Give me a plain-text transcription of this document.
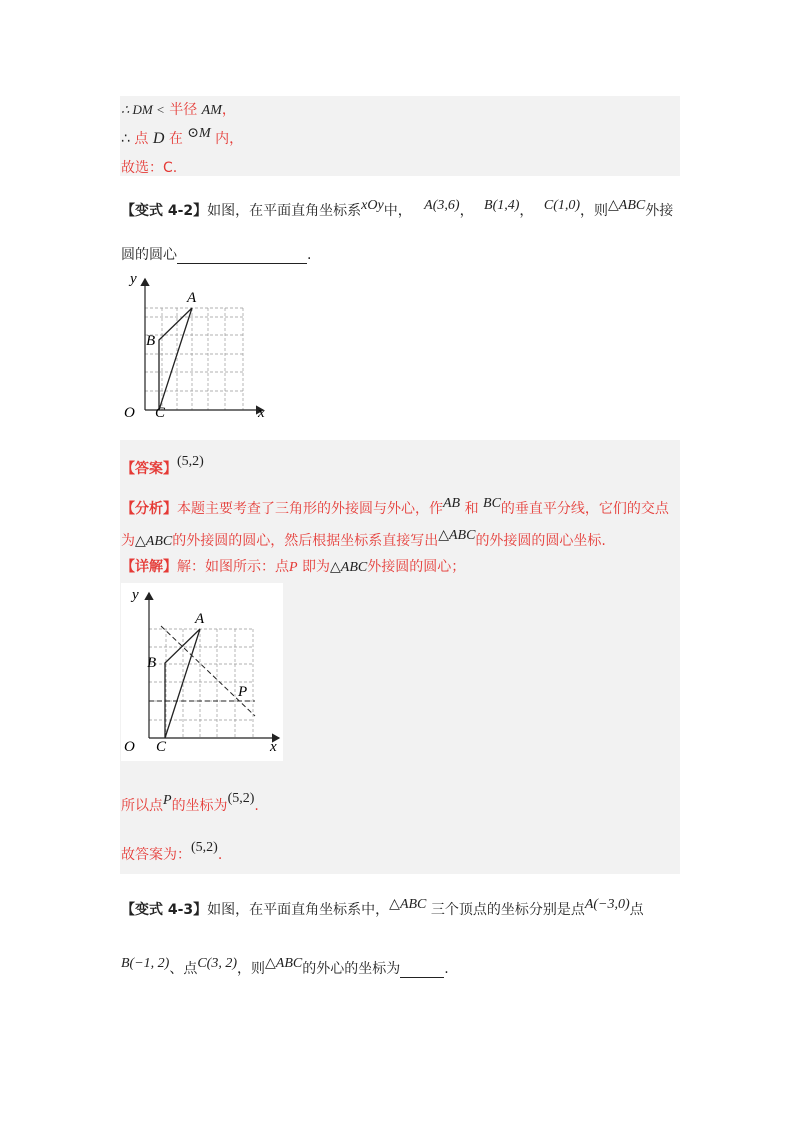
∴ DM < 半径 AM，
∴ 点 D 在 ⊙M 内，
故选：C.
【变式 4-2】如图，在平面直角坐标系xOy中， A(3,6)， B(1,4)， C(1,0)，则△ABC外接
圆的圆心	.
y
x
O
A
B
C
【答案】(5,2)
【分析】本题主要考查了三角形的外接圆与外心，作AB 和 BC的垂直平分线，它们的交点
为△ABC的外接圆的圆心，然后根据坐标系直接写出△ABC的外接圆的圆心坐标.
【详解】解：如图所示：点P 即为△ABC外接圆的圆心；
y
x
O
A
B
C
P
所以点P的坐标为(5,2).
故答案为：(5,2).
【变式 4-3】如图，在平面直角坐标系中，△ABC 三个顶点的坐标分别是点A(−3,0)点
B(−1, 2)、点C(3, 2)，则△ABC的外心的坐标为	.
